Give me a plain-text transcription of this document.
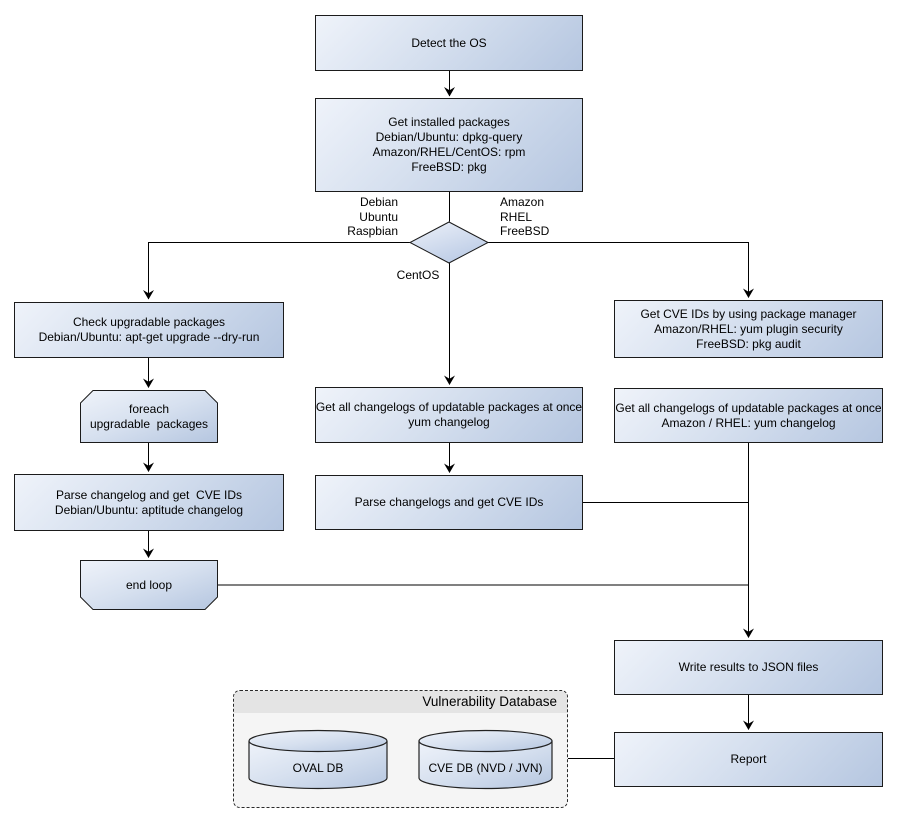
Detect the OS
Get installed packages
Debian/Ubuntu: dpkg-query
Amazon/RHEL/CentOS: rpm
FreeBSD: pkg
Check upgradable packages
Debian/Ubuntu: apt-get upgrade --dry-run
foreach
upgradable  packages
Parse changelog and get  CVE IDs
Debian/Ubuntu: aptitude changelog
end loop
Get all changelogs of updatable packages at once
yum changelog
Parse changelogs and get CVE IDs
Get CVE IDs by using package manager
Amazon/RHEL: yum plugin security
FreeBSD: pkg audit
Get all changelogs of updatable packages at once
Amazon / RHEL: yum changelog
Write results to JSON files
Report
Debian
Ubuntu
Raspbian
Amazon
RHEL
FreeBSD
CentOS
Vulnerability Database
OVAL DB	CVE DB (NVD / JVN)
